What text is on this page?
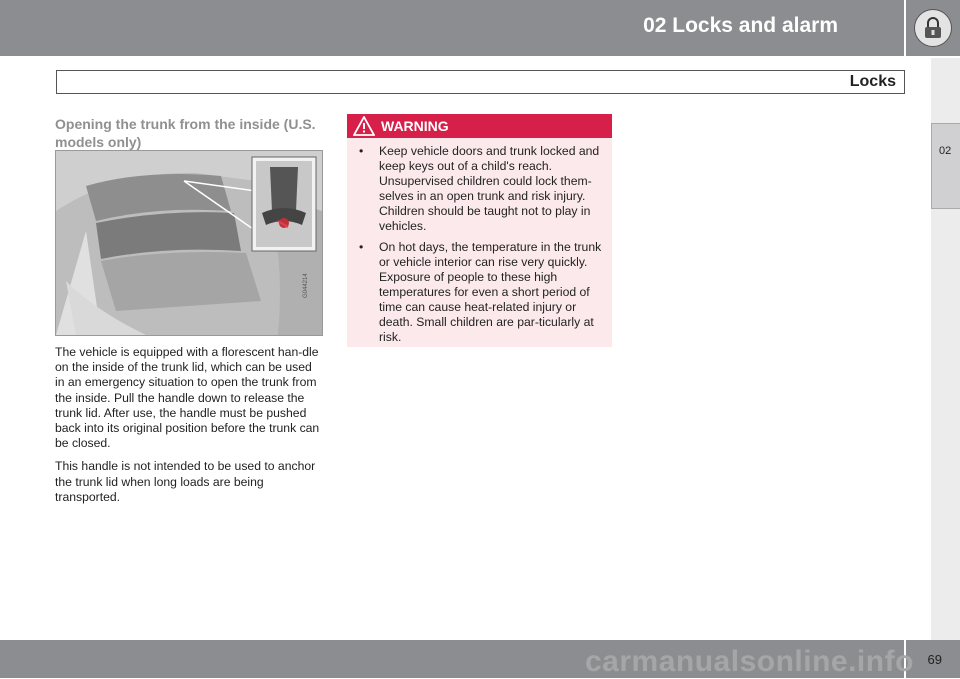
02 Locks and alarm
Locks
02
Opening the trunk from the inside (U.S. models only)
G044214

The vehicle is equipped with a florescent han-dle on the inside of the trunk lid, which can be used in an emergency situation to open the trunk from the inside. Pull the handle down to release the trunk lid. After use, the handle must be pushed back into its original position before the trunk can be closed.

This handle is not intended to be used to anchor the trunk lid when long loads are being transported.

WARNING
• Keep vehicle doors and trunk locked and keep keys out of a child's reach. Unsupervised children could lock them-selves in an open trunk and risk injury. Children should be taught not to play in vehicles.
• On hot days, the temperature in the trunk or vehicle interior can rise very quickly. Exposure of people to these high temperatures for even a short period of time can cause heat-related injury or death. Small children are par-ticularly at risk.
69
carmanualsonline.info
